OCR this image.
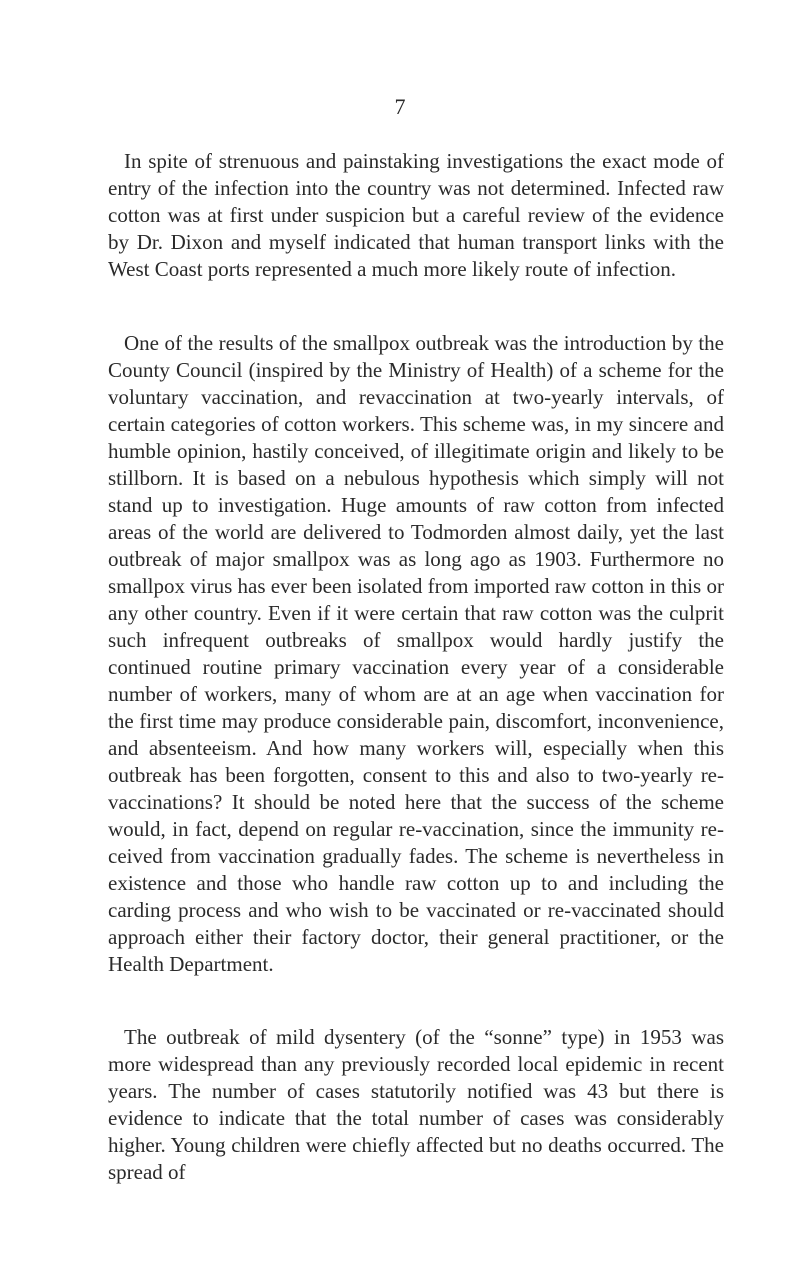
7

In spite of strenuous and painstaking investigations the exact mode of entry of the infection into the country was not determined. Infected raw cotton was at first under suspicion but a careful review of the evidence by Dr. Dixon and myself indicated that human transport links with the West Coast ports represented a much more likely route of infection.

One of the results of the smallpox outbreak was the introduction by the County Council (inspired by the Ministry of Health) of a scheme for the voluntary vaccination, and revaccination at two-yearly intervals, of certain categories of cotton workers. This scheme was, in my sincere and humble opinion, hastily conceived, of illegitimate origin and likely to be stillborn. It is based on a nebulous hypothesis which simply will not stand up to investigation. Huge amounts of raw cotton from infected areas of the world are delivered to Todmorden almost daily, yet the last outbreak of major smallpox was as long ago as 1903. Furthermore no smallpox virus has ever been isolated from imported raw cotton in this or any other country. Even if it were certain that raw cotton was the culprit such infrequent outbreaks of smallpox would hardly justify the continued routine primary vaccination every year of a considerable number of workers, many of whom are at an age when vaccination for the first time may produce considerable pain, discomfort, inconvenience, and absenteeism. And how many workers will, especially when this outbreak has been forgotten, consent to this and also to two-yearly re-vaccinations? It should be noted here that the success of the scheme would, in fact, depend on regular re-vaccination, since the immunity received from vaccination gradually fades. The scheme is nevertheless in existence and those who handle raw cotton up to and including the carding process and who wish to be vaccinated or re-vaccinated should approach either their factory doctor, their general practitioner, or the Health Department.

The outbreak of mild dysentery (of the “sonne” type) in 1953 was more widespread than any previously recorded local epidemic in recent years. The number of cases statutorily notified was 43 but there is evidence to indicate that the total number of cases was considerably higher. Young children were chiefly affected but no deaths occurred. The spread of
